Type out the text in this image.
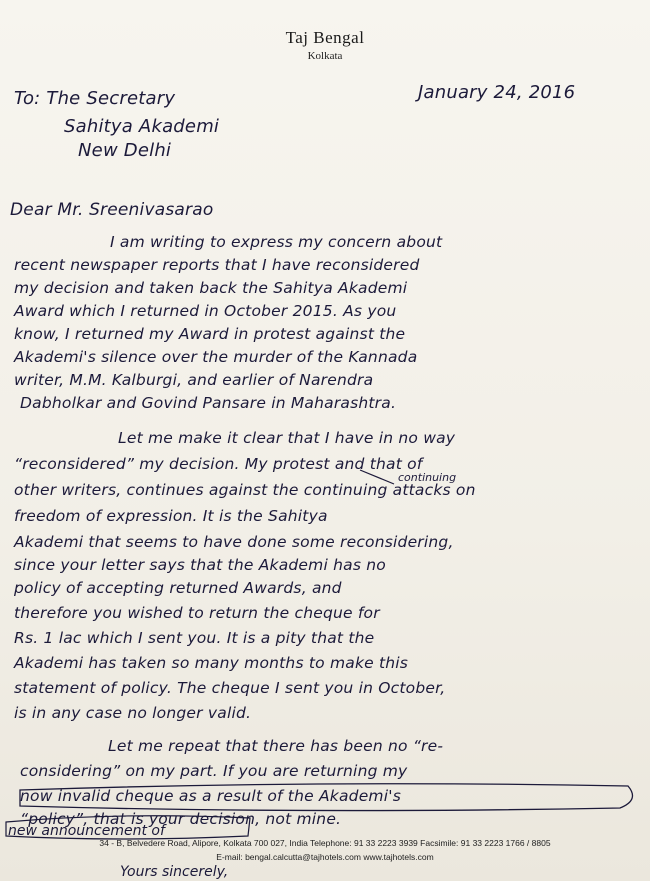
Taj Bengal
Kolkata
January 24, 2016
To: The Secretary
Sahitya Akademi
New Delhi
Dear Mr. Sreenivasarao
I am writing to express my concern about
recent newspaper reports that I have reconsidered
my decision and taken back the Sahitya Akademi
Award which I returned in October 2015. As you
know, I returned my Award in protest against the
Akademi's silence over the murder of the Kannada
writer, M.M. Kalburgi, and earlier of Narendra
Dabholkar and Govind Pansare in Maharashtra.
Let me make it clear that I have in no way
“reconsidered” my decision. My protest and that of
continuing
other writers, continues against the continuing attacks on
freedom of expression. It is the Sahitya
Akademi that seems to have done some reconsidering,
since your letter says that the Akademi has no
policy of accepting returned Awards, and
therefore you wished to return the cheque for
Rs. 1 lac which I sent you. It is a pity that the
Akademi has taken so many months to make this
statement of policy. The cheque I sent you in October,
is in any case no longer valid.
Let me repeat that there has been no “re-
considering” on my part. If you are returning my
now invalid cheque as a result of the Akademi's
“policy”, that is your decision, not mine.
new announcement of
34 - B, Belvedere Road, Alipore, Kolkata 700 027, India Telephone: 91 33 2223 3939 Facsimile: 91 33 2223 1766 / 8805
E-mail: bengal.calcutta@tajhotels.com www.tajhotels.com
Yours sincerely,
